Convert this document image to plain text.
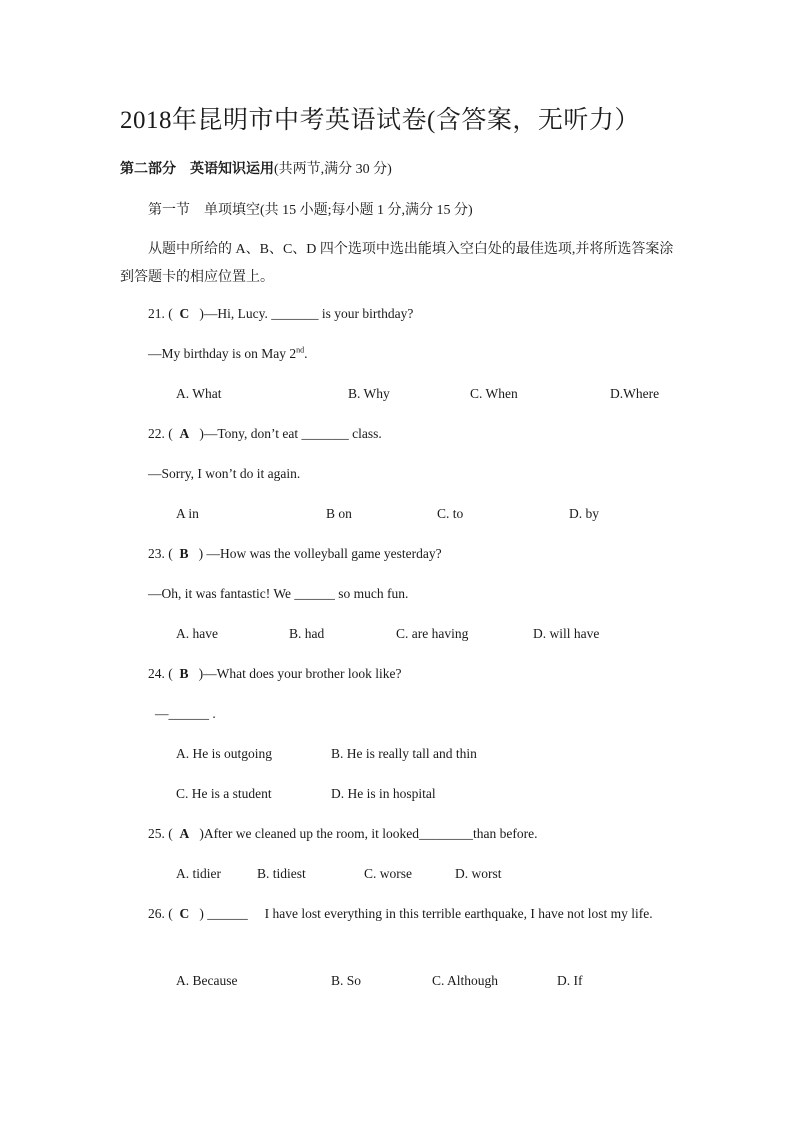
2018年昆明市中考英语试卷(含答案，无听力）
第二部分　英语知识运用(共两节,满分 30 分)
第一节　单项填空(共 15 小题;每小题 1 分,满分 15 分)
从题中所给的 A、B、C、D 四个选项中选出能填入空白处的最佳选项,并将所选答案涂到答题卡的相应位置上。
21. ( C )—Hi, Lucy. _______ is your birthday?
—My birthday is on May 2nd.
A. What	B. Why	C. When	D.Where
22. ( A )—Tony, don’t eat _______ class.
—Sorry, I won’t do it again.
A in	B on	C. to	D. by
23. ( B ) —How was the volleyball game yesterday?
—Oh, it was fantastic! We ______ so much fun.
A. have	B. had	C. are having	D. will have
24. ( B )—What does your brother look like?
—______ .
A. He is outgoing	B. He is really tall and thin
C. He is a student	D. He is in hospital
25. ( A )After we cleaned up the room, it looked________than before.
A. tidier	B. tidiest	C. worse	D. worst
26. ( C ) ______　 I have lost everything in this terrible earthquake, I have not lost my life.
A. Because	B. So	C. Although	D. If
